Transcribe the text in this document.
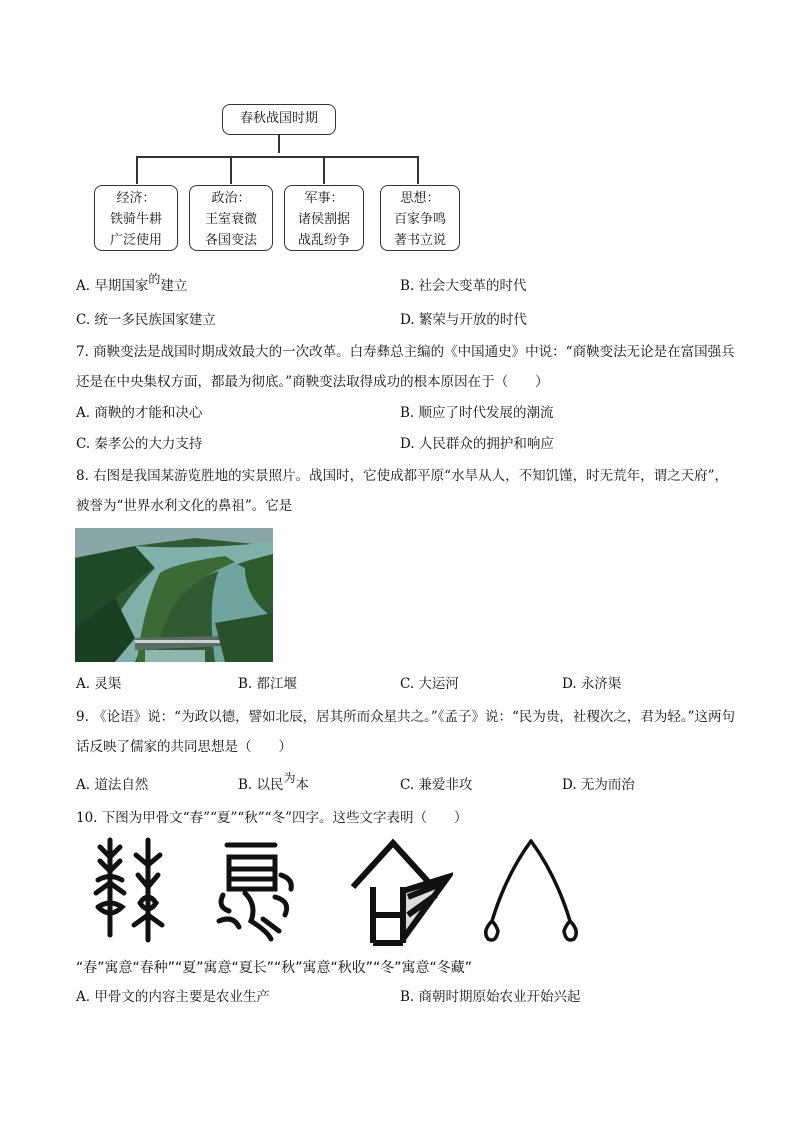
春秋战国时期
经济：
铁骑牛耕
广泛使用
政治：
王室衰微
各国变法
军事：
诸侯割据
战乱纷争
思想：
百家争鸣
著书立说
A. 早期国家的建立	B. 社会大变革的时代
C. 统一多民族国家建立	D. 繁荣与开放的时代
7. 商鞅变法是战国时期成效最大的一次改革。白寿彝总主编的《中国通史》中说：“商鞅变法无论是在富国强兵还是在中央集权方面，都最为彻底。”商鞅变法取得成功的根本原因在于（　　）
A. 商鞅的才能和决心	B. 顺应了时代发展的潮流
C. 秦孝公的大力支持	D. 人民群众的拥护和响应
8. 右图是我国某游览胜地的实景照片。战国时，它使成都平原“水旱从人，不知饥馑，时无荒年，谓之天府”，被誉为“世界水利文化的鼻祖”。它是
A. 灵渠	B. 都江堰	C. 大运河	D. 永济渠
9. 《论语》说：“为政以德，譬如北辰，居其所而众星共之。”《孟子》说：“民为贵，社稷次之，君为轻。”这两句话反映了儒家的共同思想是（　　）
A. 道法自然	B. 以民为本	C. 兼爱非攻	D. 无为而治
10. 下图为甲骨文“春”“夏”“秋”“冬”四字。这些文字表明（　　）
“春”寓意“春种”“夏”寓意“夏长”“秋”寓意“秋收”“冬”寓意“冬藏”
A. 甲骨文的内容主要是农业生产	B. 商朝时期原始农业开始兴起
